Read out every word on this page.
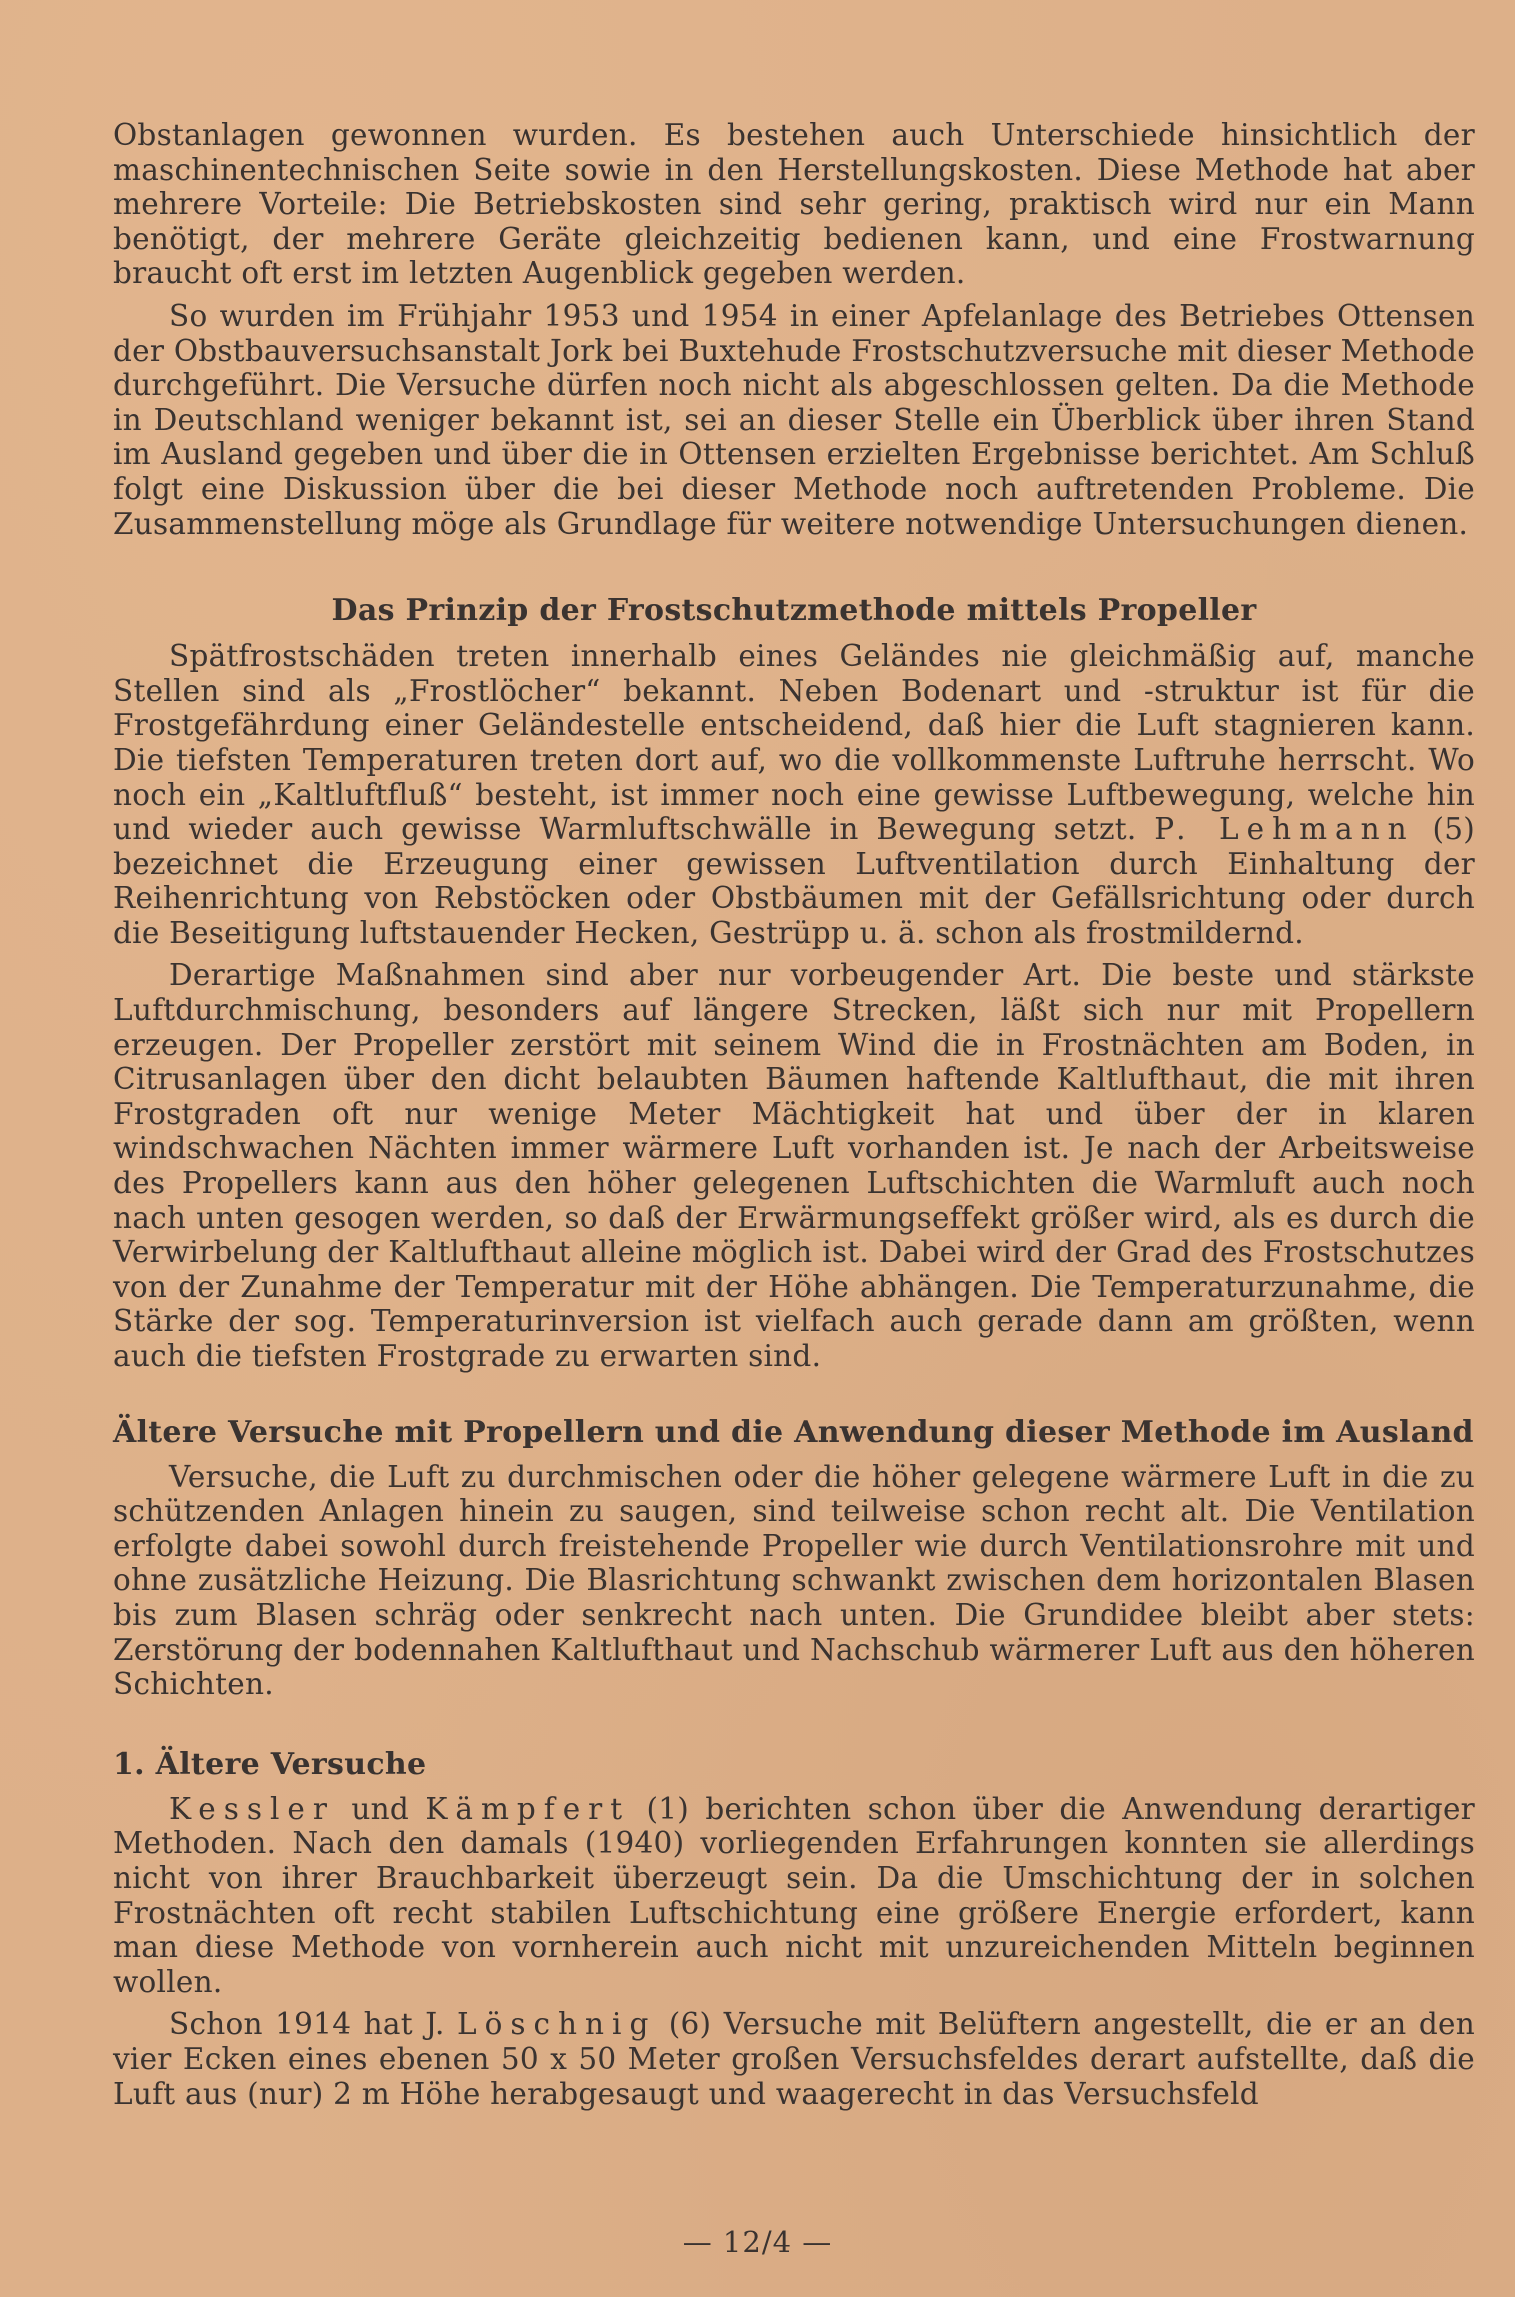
Obstanlagen gewonnen wurden. Es bestehen auch Unterschiede hinsichtlich der maschinentechnischen Seite sowie in den Herstellungskosten. Diese Methode hat aber mehrere Vorteile: Die Betriebskosten sind sehr gering, praktisch wird nur ein Mann benötigt, der mehrere Geräte gleichzeitig bedienen kann, und eine Frostwarnung braucht oft erst im letzten Augenblick gegeben werden.

So wurden im Frühjahr 1953 und 1954 in einer Apfelanlage des Betriebes Ottensen der Obstbauversuchsanstalt Jork bei Buxtehude Frostschutzversuche mit dieser Methode durchgeführt. Die Versuche dürfen noch nicht als abgeschlossen gelten. Da die Methode in Deutschland weniger bekannt ist, sei an dieser Stelle ein Überblick über ihren Stand im Ausland gegeben und über die in Ottensen erzielten Ergebnisse berichtet. Am Schluß folgt eine Diskussion über die bei dieser Methode noch auftretenden Probleme. Die Zusammenstellung möge als Grundlage für weitere notwendige Untersuchungen dienen.

Das Prinzip der Frostschutzmethode mittels Propeller

Spätfrostschäden treten innerhalb eines Geländes nie gleichmäßig auf, manche Stellen sind als „Frostlöcher“ bekannt. Neben Bodenart und -struktur ist für die Frostgefährdung einer Geländestelle entscheidend, daß hier die Luft stagnieren kann. Die tiefsten Temperaturen treten dort auf, wo die vollkommenste Luftruhe herrscht. Wo noch ein „Kaltluftfluß“ besteht, ist immer noch eine gewisse Luftbewegung, welche hin und wieder auch gewisse Warmluftschwälle in Bewegung setzt. P. Lehmann (5) bezeichnet die Erzeugung einer gewissen Luftventilation durch Einhaltung der Reihenrichtung von Rebstöcken oder Obstbäumen mit der Gefällsrichtung oder durch die Beseitigung luftstauender Hecken, Gestrüpp u. ä. schon als frostmildernd.

Derartige Maßnahmen sind aber nur vorbeugender Art. Die beste und stärkste Luftdurchmischung, besonders auf längere Strecken, läßt sich nur mit Propellern erzeugen. Der Propeller zerstört mit seinem Wind die in Frostnächten am Boden, in Citrusanlagen über den dicht belaubten Bäumen haftende Kaltlufthaut, die mit ihren Frostgraden oft nur wenige Meter Mächtigkeit hat und über der in klaren windschwachen Nächten immer wärmere Luft vorhanden ist. Je nach der Arbeitsweise des Propellers kann aus den höher gelegenen Luftschichten die Warmluft auch noch nach unten gesogen werden, so daß der Erwärmungseffekt größer wird, als es durch die Verwirbelung der Kaltlufthaut alleine möglich ist. Dabei wird der Grad des Frostschutzes von der Zunahme der Temperatur mit der Höhe abhängen. Die Temperaturzunahme, die Stärke der sog. Temperaturinversion ist vielfach auch gerade dann am größten, wenn auch die tiefsten Frostgrade zu erwarten sind.

Ältere Versuche mit Propellern und die Anwendung dieser Methode im Ausland

Versuche, die Luft zu durchmischen oder die höher gelegene wärmere Luft in die zu schützenden Anlagen hinein zu saugen, sind teilweise schon recht alt. Die Ventilation erfolgte dabei sowohl durch freistehende Propeller wie durch Ventilationsrohre mit und ohne zusätzliche Heizung. Die Blasrichtung schwankt zwischen dem horizontalen Blasen bis zum Blasen schräg oder senkrecht nach unten. Die Grundidee bleibt aber stets: Zerstörung der bodennahen Kaltlufthaut und Nachschub wärmerer Luft aus den höheren Schichten.

1. Ältere Versuche

Kessler und Kämpfert (1) berichten schon über die Anwendung derartiger Methoden. Nach den damals (1940) vorliegenden Erfahrungen konnten sie allerdings nicht von ihrer Brauchbarkeit überzeugt sein. Da die Umschichtung der in solchen Frostnächten oft recht stabilen Luftschichtung eine größere Energie erfordert, kann man diese Methode von vornherein auch nicht mit unzureichenden Mitteln beginnen wollen.

Schon 1914 hat J. Löschnig (6) Versuche mit Belüftern angestellt, die er an den vier Ecken eines ebenen 50 x 50 Meter großen Versuchsfeldes derart aufstellte, daß die Luft aus (nur) 2 m Höhe herabgesaugt und waagerecht in das Versuchsfeld

— 12/4 —
